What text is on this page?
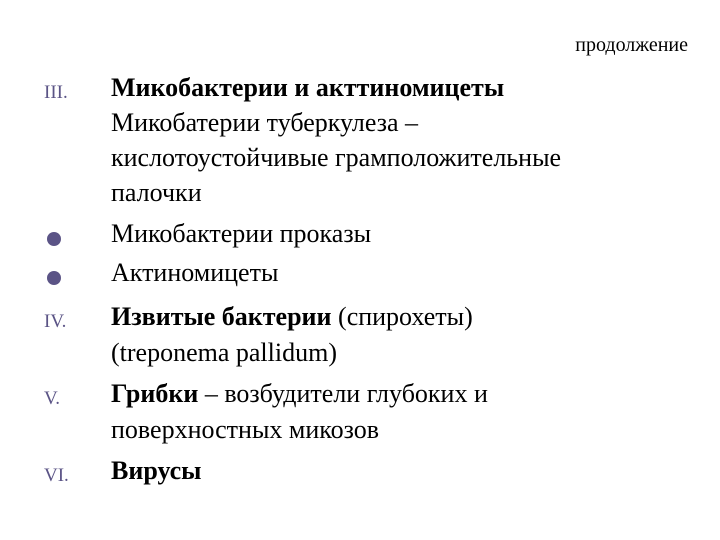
продолжение
III. Микобактерии и акттиномицеты
Микобатерии туберкулеза –
кислотоустойчивые грамположительные
палочки
Микобактерии проказы
Актиномицеты
IV. Извитые бактерии (спирохеты)
(treponema pallidum)
V. Грибки – возбудители глубоких и
поверхностных микозов
VI. Вирусы
